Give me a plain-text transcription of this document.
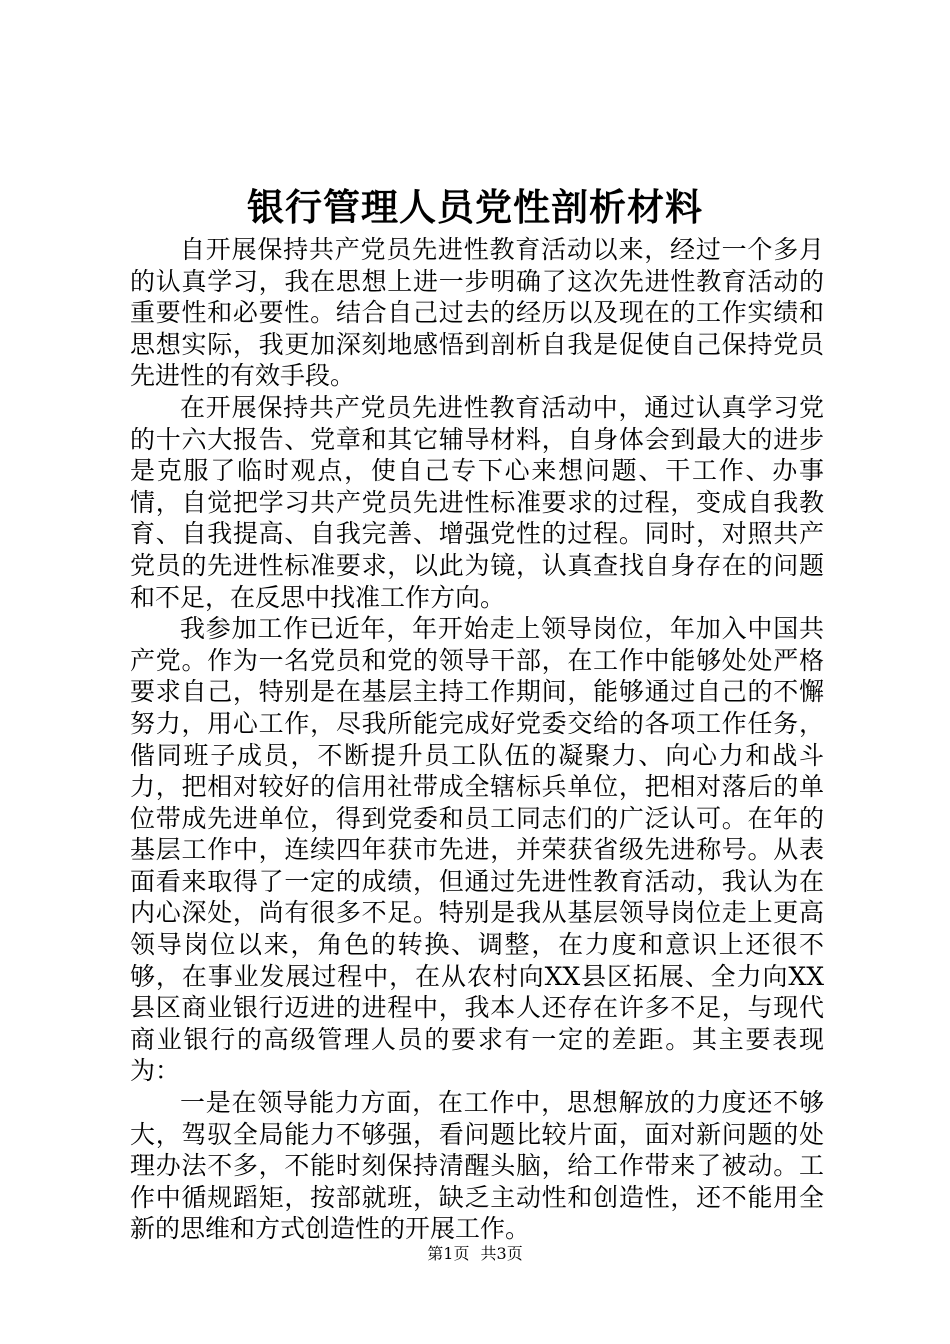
银行管理人员党性剖析材料

自开展保持共产党员先进性教育活动以来，经过一个多月的认真学习，我在思想上进一步明确了这次先进性教育活动的重要性和必要性。结合自己过去的经历以及现在的工作实绩和思想实际，我更加深刻地感悟到剖析自我是促使自己保持党员先进性的有效手段。

在开展保持共产党员先进性教育活动中，通过认真学习党的十六大报告、党章和其它辅导材料，自身体会到最大的进步是克服了临时观点，使自己专下心来想问题、干工作、办事情，自觉把学习共产党员先进性标准要求的过程，变成自我教育、自我提高、自我完善、增强党性的过程。同时，对照共产党员的先进性标准要求，以此为镜，认真查找自身存在的问题和不足，在反思中找准工作方向。

我参加工作已近年，年开始走上领导岗位，年加入中国共产党。作为一名党员和党的领导干部，在工作中能够处处严格要求自己，特别是在基层主持工作期间，能够通过自己的不懈努力，用心工作，尽我所能完成好党委交给的各项工作任务，偕同班子成员，不断提升员工队伍的凝聚力、向心力和战斗力，把相对较好的信用社带成全辖标兵单位，把相对落后的单位带成先进单位，得到党委和员工同志们的广泛认可。在年的基层工作中，连续四年获市先进，并荣获省级先进称号。从表面看来取得了一定的成绩，但通过先进性教育活动，我认为在内心深处，尚有很多不足。特别是我从基层领导岗位走上更高领导岗位以来，角色的转换、调整，在力度和意识上还很不够，在事业发展过程中，在从农村向XX县区拓展、全力向XX县区商业银行迈进的进程中，我本人还存在许多不足，与现代商业银行的高级管理人员的要求有一定的差距。其主要表现为：

一是在领导能力方面，在工作中，思想解放的力度还不够大，驾驭全局能力不够强，看问题比较片面，面对新问题的处理办法不多，不能时刻保持清醒头脑，给工作带来了被动。工作中循规蹈矩，按部就班，缺乏主动性和创造性，还不能用全新的思维和方式创造性的开展工作。

第1页 共3页
